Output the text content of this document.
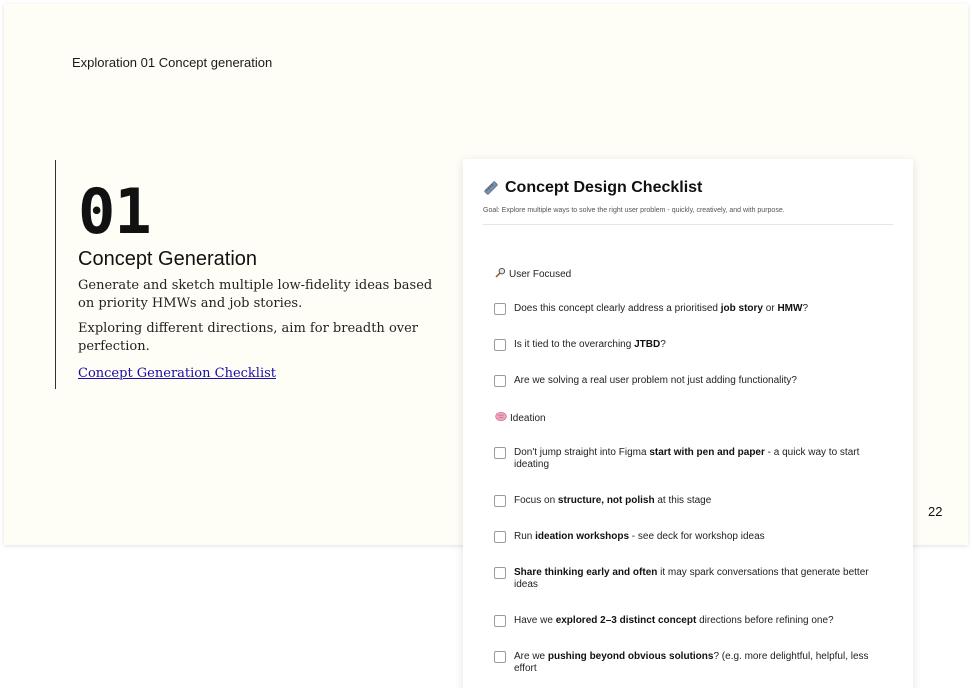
Exploration 01 Concept generation
01
Concept Generation

Generate and sketch multiple low-fidelity ideas based on priority HMWs and job stories.

Exploring different directions, aim for breadth over perfection.

Concept Generation Checklist
22
Concept Design Checklist
Goal: Explore multiple ways to solve the right user problem - quickly, creatively, and with purpose.
User Focused
Does this concept clearly address a prioritised job story or HMW?
Is it tied to the overarching JTBD?
Are we solving a real user problem not just adding functionality?
Ideation
Don't jump straight into Figma start with pen and paper - a quick way to start ideating
Focus on structure, not polish at this stage
Run ideation workshops - see deck for workshop ideas
Share thinking early and often it may spark conversations that generate better ideas
Have we explored 2–3 distinct concept directions before refining one?
Are we pushing beyond obvious solutions? (e.g. more delightful, helpful, less effort
